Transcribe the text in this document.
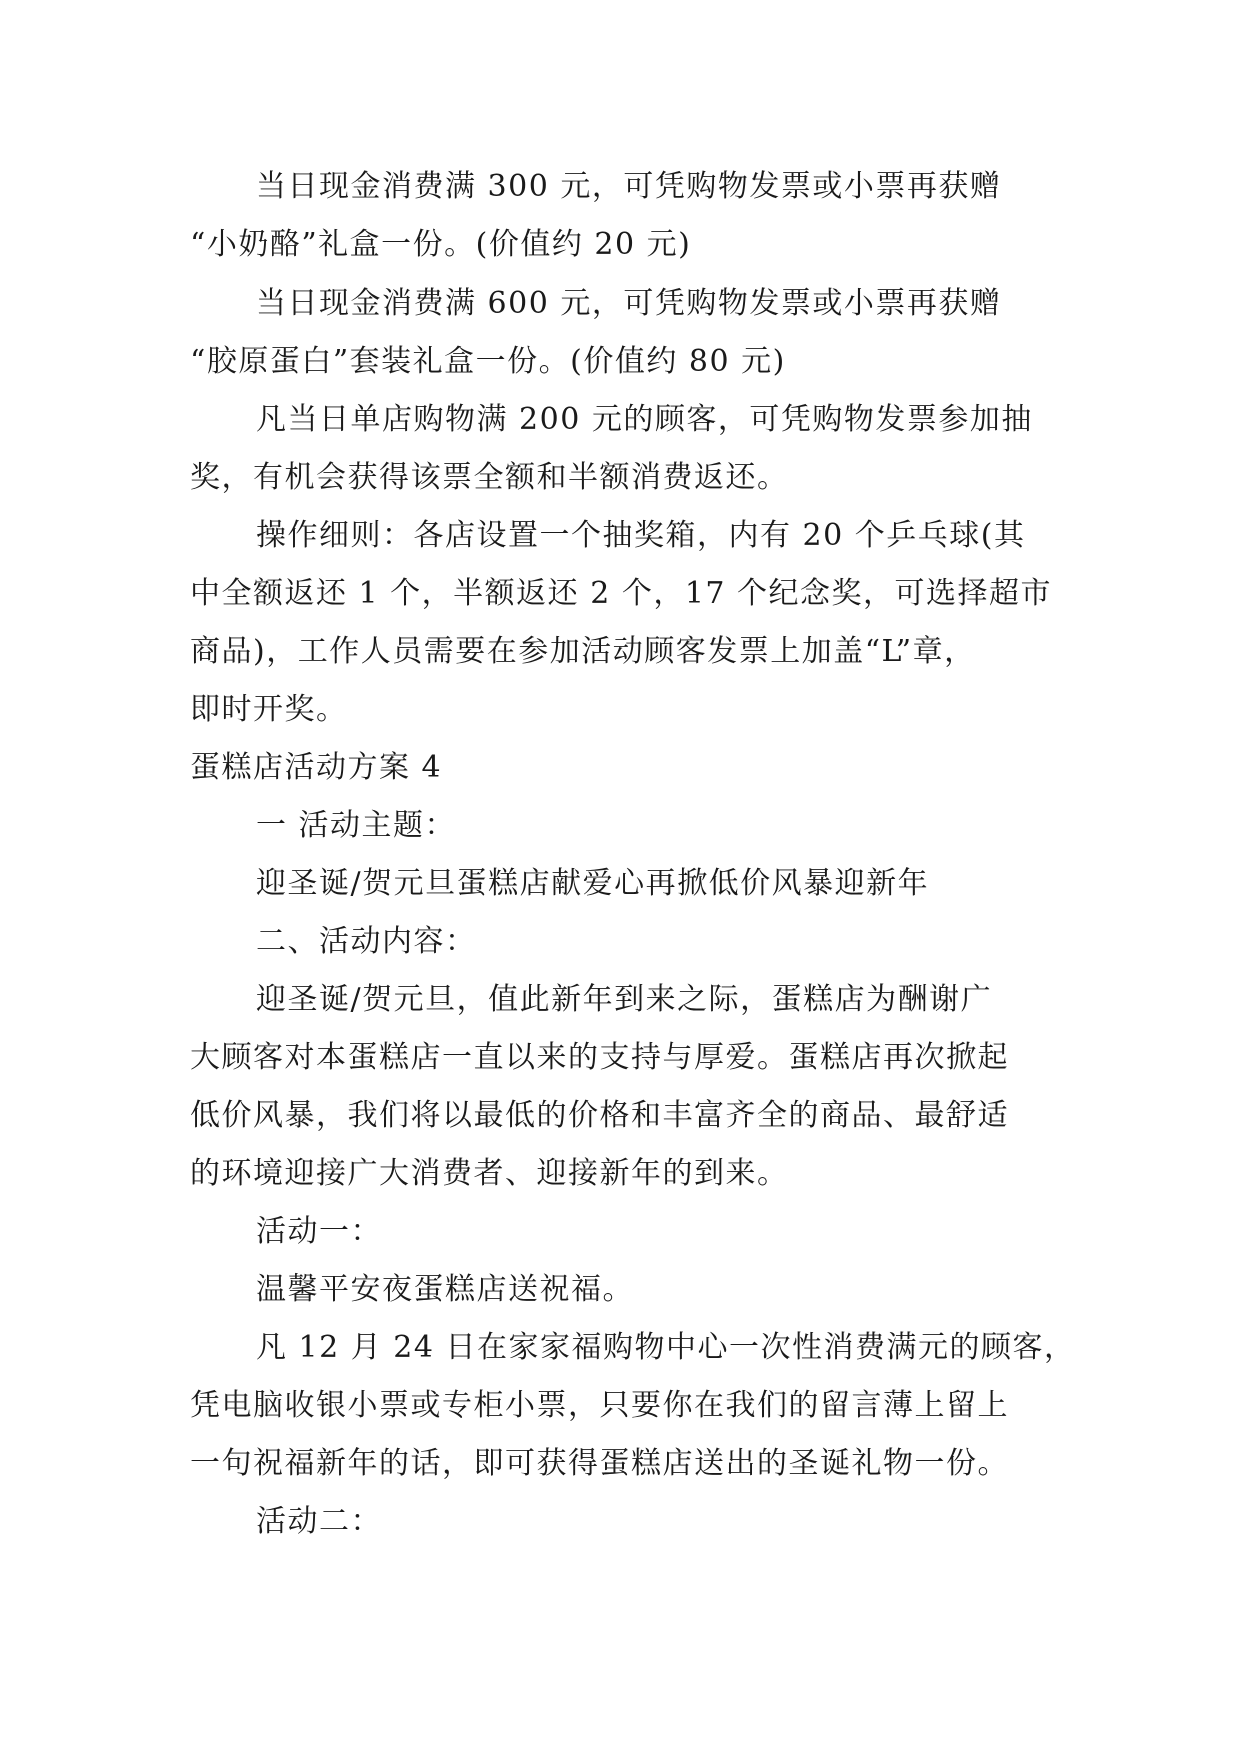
当日现金消费满 300 元，可凭购物发票或小票再获赠
“小奶酪”礼盒一份。(价值约 20 元)
当日现金消费满 600 元，可凭购物发票或小票再获赠
“胶原蛋白”套装礼盒一份。(价值约 80 元)
凡当日单店购物满 200 元的顾客，可凭购物发票参加抽
奖，有机会获得该票全额和半额消费返还。
操作细则：各店设置一个抽奖箱，内有 20 个乒乓球(其
中全额返还 1 个，半额返还 2 个，17 个纪念奖，可选择超市
商品)，工作人员需要在参加活动顾客发票上加盖“L”章，
即时开奖。
蛋糕店活动方案 4
一 活动主题：
迎圣诞/贺元旦蛋糕店献爱心再掀低价风暴迎新年
二、活动内容：
迎圣诞/贺元旦，值此新年到来之际，蛋糕店为酬谢广
大顾客对本蛋糕店一直以来的支持与厚爱。蛋糕店再次掀起
低价风暴，我们将以最低的价格和丰富齐全的商品、最舒适
的环境迎接广大消费者、迎接新年的到来。
活动一：
温馨平安夜蛋糕店送祝福。
凡 12 月 24 日在家家福购物中心一次性消费满元的顾客，
凭电脑收银小票或专柜小票，只要你在我们的留言薄上留上
一句祝福新年的话，即可获得蛋糕店送出的圣诞礼物一份。
活动二：
